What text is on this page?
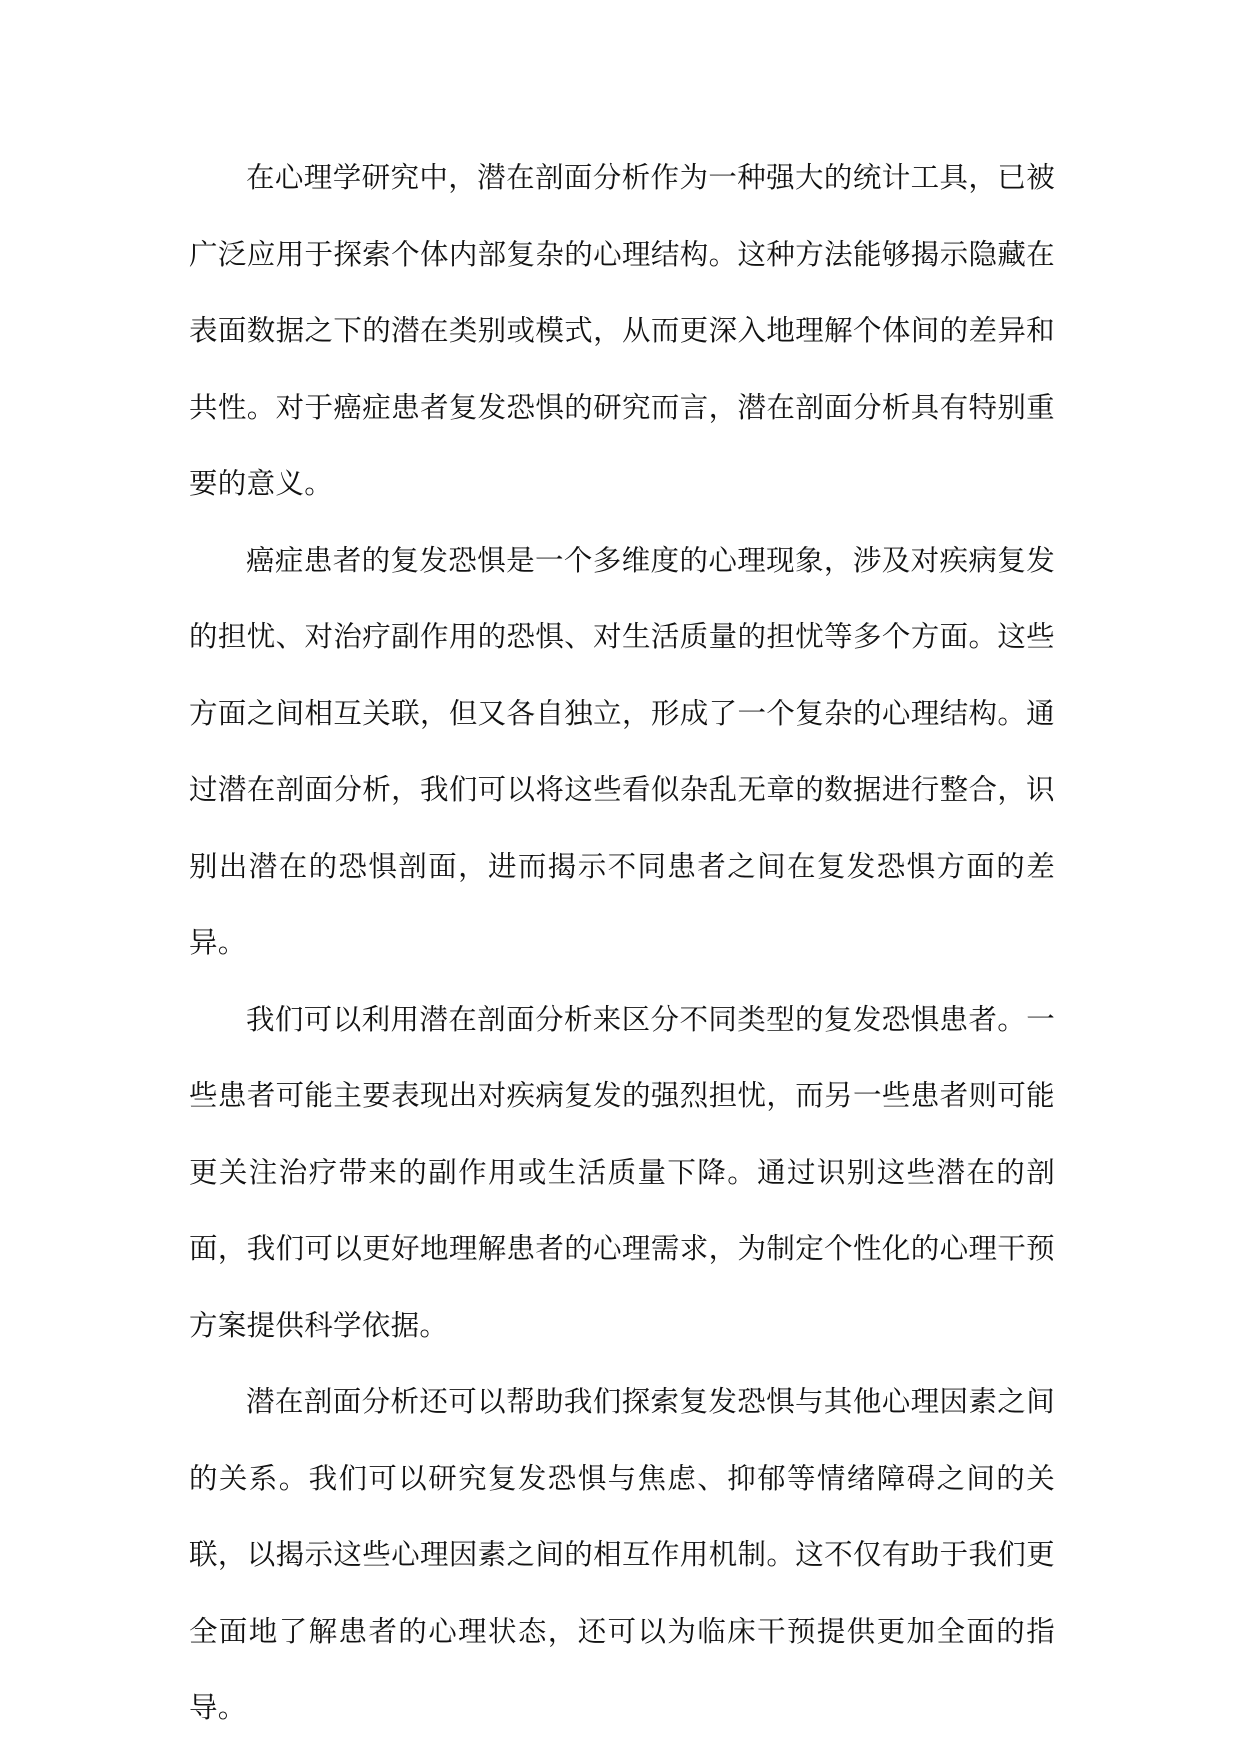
在心理学研究中，潜在剖面分析作为一种强大的统计工具，已被广泛应用于探索个体内部复杂的心理结构。这种方法能够揭示隐藏在表面数据之下的潜在类别或模式，从而更深入地理解个体间的差异和共性。对于癌症患者复发恐惧的研究而言，潜在剖面分析具有特别重要的意义。

癌症患者的复发恐惧是一个多维度的心理现象，涉及对疾病复发的担忧、对治疗副作用的恐惧、对生活质量的担忧等多个方面。这些方面之间相互关联，但又各自独立，形成了一个复杂的心理结构。通过潜在剖面分析，我们可以将这些看似杂乱无章的数据进行整合，识别出潜在的恐惧剖面，进而揭示不同患者之间在复发恐惧方面的差异。

我们可以利用潜在剖面分析来区分不同类型的复发恐惧患者。一些患者可能主要表现出对疾病复发的强烈担忧，而另一些患者则可能更关注治疗带来的副作用或生活质量下降。通过识别这些潜在的剖面，我们可以更好地理解患者的心理需求，为制定个性化的心理干预方案提供科学依据。

潜在剖面分析还可以帮助我们探索复发恐惧与其他心理因素之间的关系。我们可以研究复发恐惧与焦虑、抑郁等情绪障碍之间的关联，以揭示这些心理因素之间的相互作用机制。这不仅有助于我们更全面地了解患者的心理状态，还可以为临床干预提供更加全面的指导。
